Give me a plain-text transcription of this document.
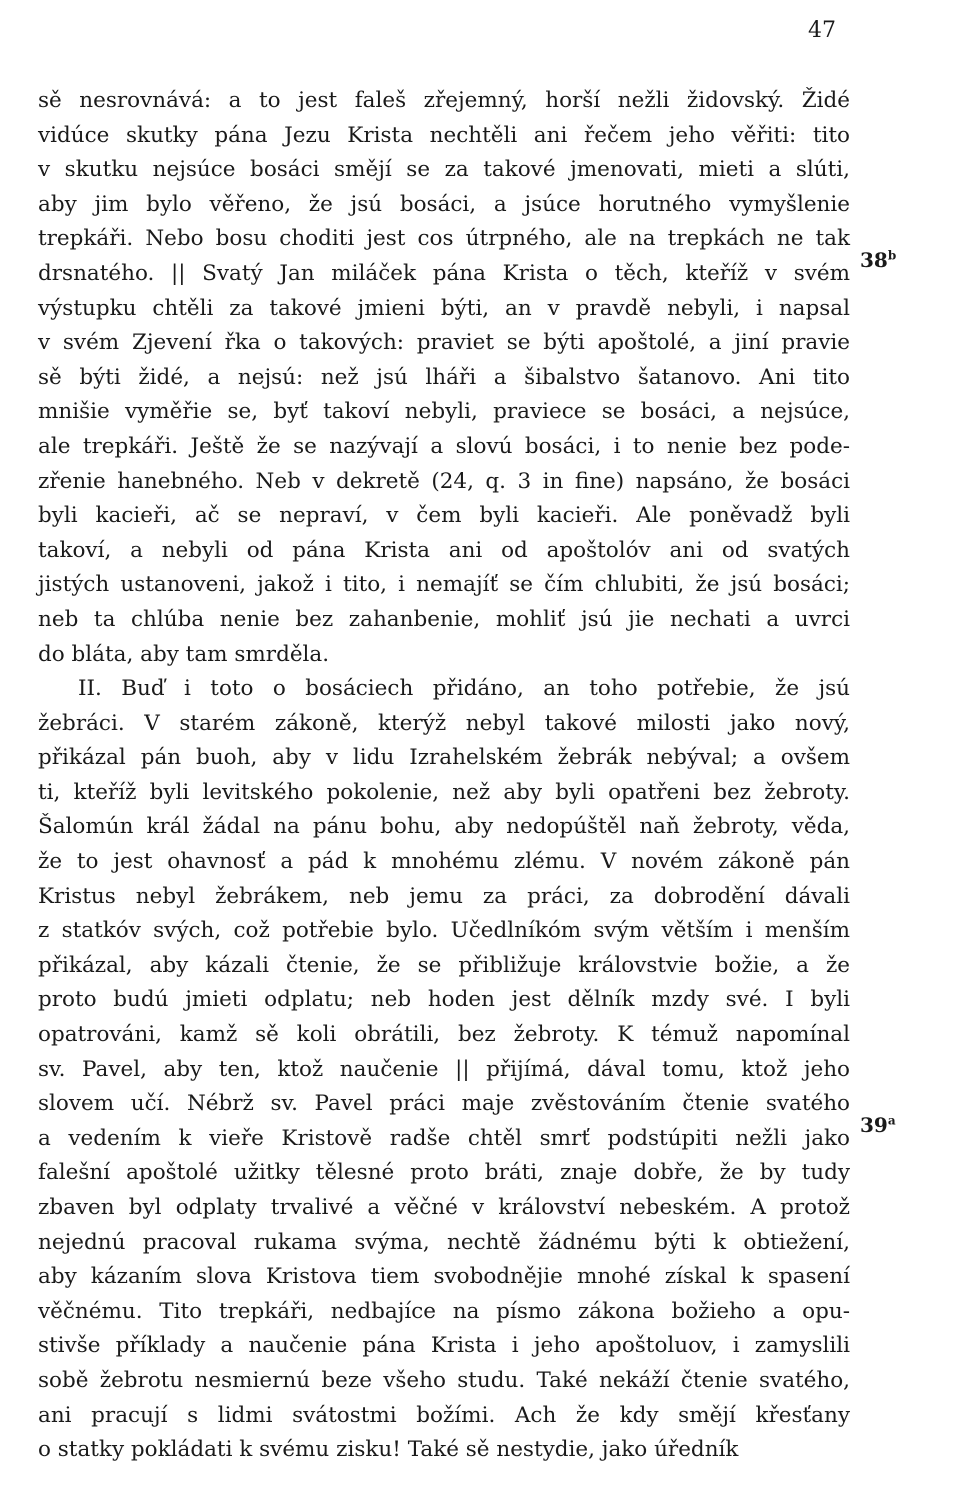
47
sě nesrovnává: a to jest faleš zřejemný, horší nežli židovský. Židé
vidúce skutky pána Jezu Krista nechtěli ani řečem jeho věřiti: tito
v skutku nejsúce bosáci smějí se za takové jmenovati, mieti a slúti,
aby jim bylo věřeno, že jsú bosáci, a jsúce horutného vymyšlenie
trepkáři. Nebo bosu choditi jest cos útrpného, ale na trepkách ne tak
drsnatého. || Svatý Jan miláček pána Krista o těch, kteříž v svém
výstupku chtěli za takové jmieni býti, an v pravdě nebyli, i napsal
v svém Zjevení řka o takových: praviet se býti apoštolé, a jiní pravie
sě býti židé, a nejsú: než jsú lháři a šibalstvo šatanovo. Ani tito
mnišie vyměřie se, byť takoví nebyli, praviece se bosáci, a nejsúce,
ale trepkáři. Ještě že se nazývají a slovú bosáci, i to nenie bez pode-
zřenie hanebného. Neb v dekretě (24, q. 3 in fine) napsáno, že bosáci
byli kacieři, ač se nepraví, v čem byli kacieři. Ale poněvadž byli
takoví, a nebyli od pána Krista ani od apoštolóv ani od svatých
jistých ustanoveni, jakož i tito, i nemajíť se čím chlubiti, že jsú bosáci;
neb ta chlúba nenie bez zahanbenie, mohliť jsú jie nechati a uvrci
do bláta, aby tam smrděla.
II. Buď i toto o bosáciech přidáno, an toho potřebie, že jsú
žebráci. V starém zákoně, kterýž nebyl takové milosti jako nový,
přikázal pán buoh, aby v lidu Izrahelském žebrák nebýval; a ovšem
ti, kteříž byli levitského pokolenie, než aby byli opatřeni bez žebroty.
Šalomún král žádal na pánu bohu, aby nedopúštěl naň žebroty, věda,
že to jest ohavnosť a pád k mnohému zlému. V novém zákoně pán
Kristus nebyl žebrákem, neb jemu za práci, za dobrodění dávali
z statkóv svých, což potřebie bylo. Učedlníkóm svým větším i menším
přikázal, aby kázali čtenie, že se přibližuje královstvie božie, a že
proto budú jmieti odplatu; neb hoden jest dělník mzdy své. I byli
opatrováni, kamž sě koli obrátili, bez žebroty. K témuž napomínal
sv. Pavel, aby ten, ktož naučenie || přijímá, dával tomu, ktož jeho
slovem učí. Nébrž sv. Pavel práci maje zvěstováním čtenie svatého
a vedením k vieře Kristově radše chtěl smrť podstúpiti nežli jako
falešní apoštolé užitky tělesné proto bráti, znaje dobře, že by tudy
zbaven byl odplaty trvalivé a věčné v království nebeském. A protož
nejednú pracoval rukama svýma, nechtě žádnému býti k obtiežení,
aby kázaním slova Kristova tiem svobodnějie mnohé získal k spasení
věčnému. Tito trepkáři, nedbajíce na písmo zákona božieho a opu-
stivše příklady a naučenie pána Krista i jeho apoštoluov, i zamyslili
sobě žebrotu nesmiernú beze všeho studu. Také nekáží čtenie svatého,
ani pracují s lidmi svátostmi božími. Ach že kdy smějí křesťany
o statky pokládati k svému zisku! Také sě nestydie, jako úředník
38$^b$
39$^a$
